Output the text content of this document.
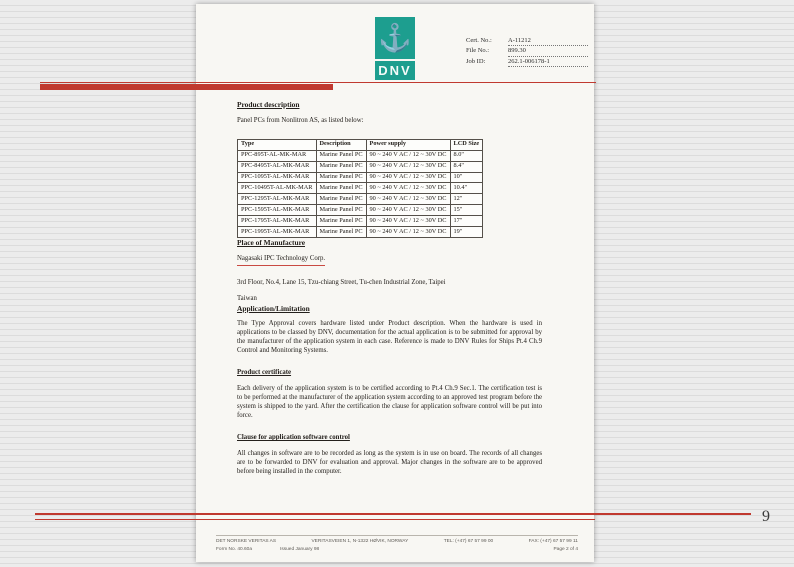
9
⚓
DNV
Cert. No.:	A-11212
File No.:	899.30
Job ID:	262.1-006178-1
Product description

Panel PCs from Nonlitron AS, as listed below:

Type	Description	Power supply	LCD Size
PPC-895T-AL-MK-MAR	Marine Panel PC	90 ~ 240 V AC / 12 ~ 30V DC	8.0"
PPC-8495T-AL-MK-MAR	Marine Panel PC	90 ~ 240 V AC / 12 ~ 30V DC	8.4"
PPC-1095T-AL-MK-MAR	Marine Panel PC	90 ~ 240 V AC / 12 ~ 30V DC	10"
PPC-10495T-AL-MK-MAR	Marine Panel PC	90 ~ 240 V AC / 12 ~ 30V DC	10.4"
PPC-1295T-AL-MK-MAR	Marine Panel PC	90 ~ 240 V AC / 12 ~ 30V DC	12"
PPC-1595T-AL-MK-MAR	Marine Panel PC	90 ~ 240 V AC / 12 ~ 30V DC	15"
PPC-1795T-AL-MK-MAR	Marine Panel PC	90 ~ 240 V AC / 12 ~ 30V DC	17"
PPC-1995T-AL-MK-MAR	Marine Panel PC	90 ~ 240 V AC / 12 ~ 30V DC	19"
Place of Manufacture

Nagasaki IPC Technology Corp.

3rd Floor, No.4, Lane 15, Tzu-chiang Street, Tu-chen Industrial Zone, Taipei

Taiwan

Application/Limitation

The Type Approval covers hardware listed under Product description. When the hardware is used in applications to be classed by DNV, documentation for the actual application is to be submitted for approval by the manufacturer of the application system in each case. Reference is made to DNV Rules for Ships Pt.4 Ch.9 Control and Monitoring Systems.

Product certificate

Each delivery of the application system is to be certified according to Pt.4 Ch.9 Sec.1. The certification test is to be performed at the manufacturer of the application system according to an approved test program before the system is shipped to the yard. After the certification the clause for application software control will be put into force.

Clause for application software control

All changes in software are to be recorded as long as the system is in use on board. The records of all changes are to be forwarded to DNV for evaluation and approval. Major changes in the software are to be approved before being installed in the computer.

DET NORSKE VERITAS AS	VERITASVEIEN 1, N-1322 HØVIK, NORWAY	TEL: (+47) 67 57 99 00	FAX: (+47) 67 57 99 11
Form No. 40.60a	Issued January 98	Page 2 of 4
